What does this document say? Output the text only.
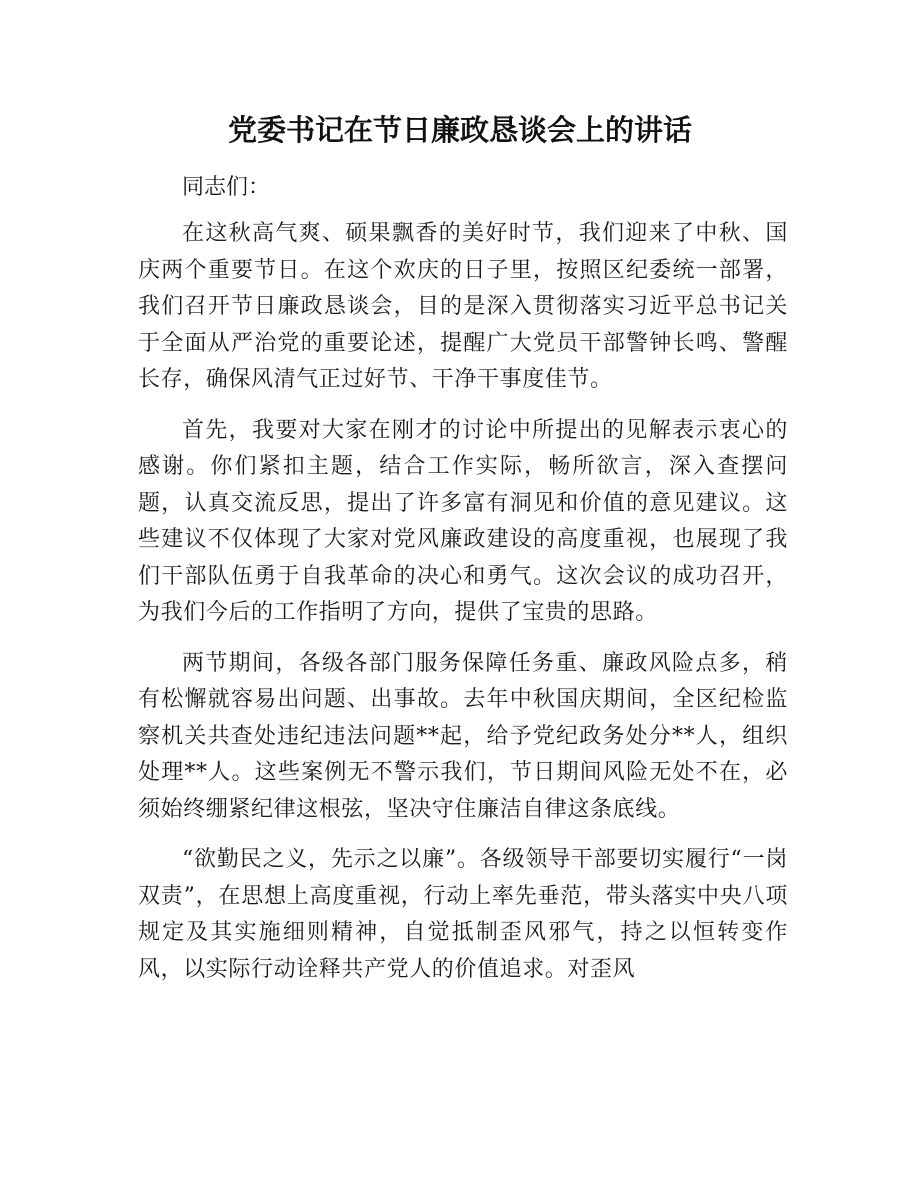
党委书记在节日廉政恳谈会上的讲话

同志们：

在这秋高气爽、硕果飘香的美好时节，我们迎来了中秋、国庆两个重要节日。在这个欢庆的日子里，按照区纪委统一部署，我们召开节日廉政恳谈会，目的是深入贯彻落实习近平总书记关于全面从严治党的重要论述，提醒广大党员干部警钟长鸣、警醒长存，确保风清气正过好节、干净干事度佳节。

首先，我要对大家在刚才的讨论中所提出的见解表示衷心的感谢。你们紧扣主题，结合工作实际，畅所欲言，深入查摆问题，认真交流反思，提出了许多富有洞见和价值的意见建议。这些建议不仅体现了大家对党风廉政建设的高度重视，也展现了我们干部队伍勇于自我革命的决心和勇气。这次会议的成功召开，为我们今后的工作指明了方向，提供了宝贵的思路。

两节期间，各级各部门服务保障任务重、廉政风险点多，稍有松懈就容易出问题、出事故。去年中秋国庆期间，全区纪检监察机关共查处违纪违法问题**起，给予党纪政务处分**人，组织处理**人。这些案例无不警示我们，节日期间风险无处不在，必须始终绷紧纪律这根弦，坚决守住廉洁自律这条底线。

“欲勤民之义，先示之以廉”。各级领导干部要切实履行“一岗双责”，在思想上高度重视，行动上率先垂范，带头落实中央八项规定及其实施细则精神，自觉抵制歪风邪气，持之以恒转变作风，以实际行动诠释共产党人的价值追求。对歪风
